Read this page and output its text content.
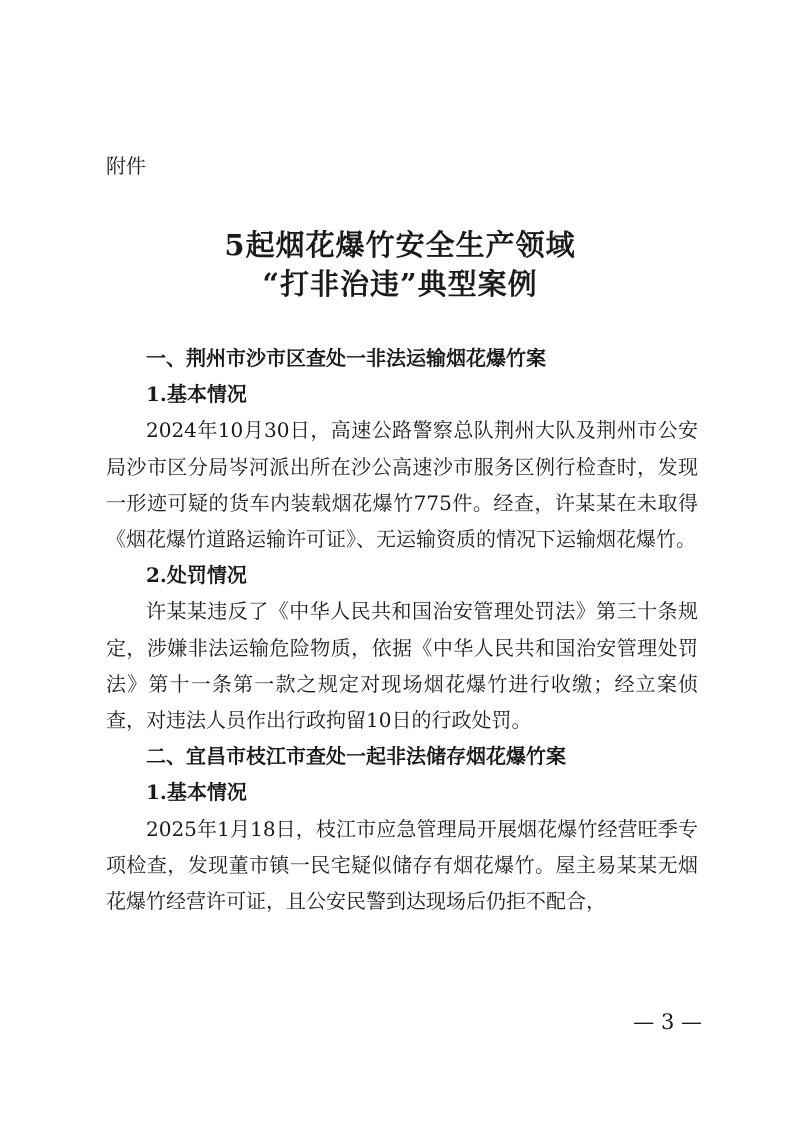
附件
5起烟花爆竹安全生产领域
“打非治违”典型案例

一、荆州市沙市区查处一非法运输烟花爆竹案

1.基本情况

2024年10月30日，高速公路警察总队荆州大队及荆州市公安局沙市区分局岑河派出所在沙公高速沙市服务区例行检查时，发现一形迹可疑的货车内装载烟花爆竹775件。经查，许某某在未取得《烟花爆竹道路运输许可证》、无运输资质的情况下运输烟花爆竹。

2.处罚情况

许某某违反了《中华人民共和国治安管理处罚法》第三十条规定，涉嫌非法运输危险物质，依据《中华人民共和国治安管理处罚法》第十一条第一款之规定对现场烟花爆竹进行收缴；经立案侦查，对违法人员作出行政拘留10日的行政处罚。

二、宜昌市枝江市查处一起非法储存烟花爆竹案

1.基本情况

2025年1月18日，枝江市应急管理局开展烟花爆竹经营旺季专项检查，发现董市镇一民宅疑似储存有烟花爆竹。屋主易某某无烟花爆竹经营许可证，且公安民警到达现场后仍拒不配合，

— 3 —
